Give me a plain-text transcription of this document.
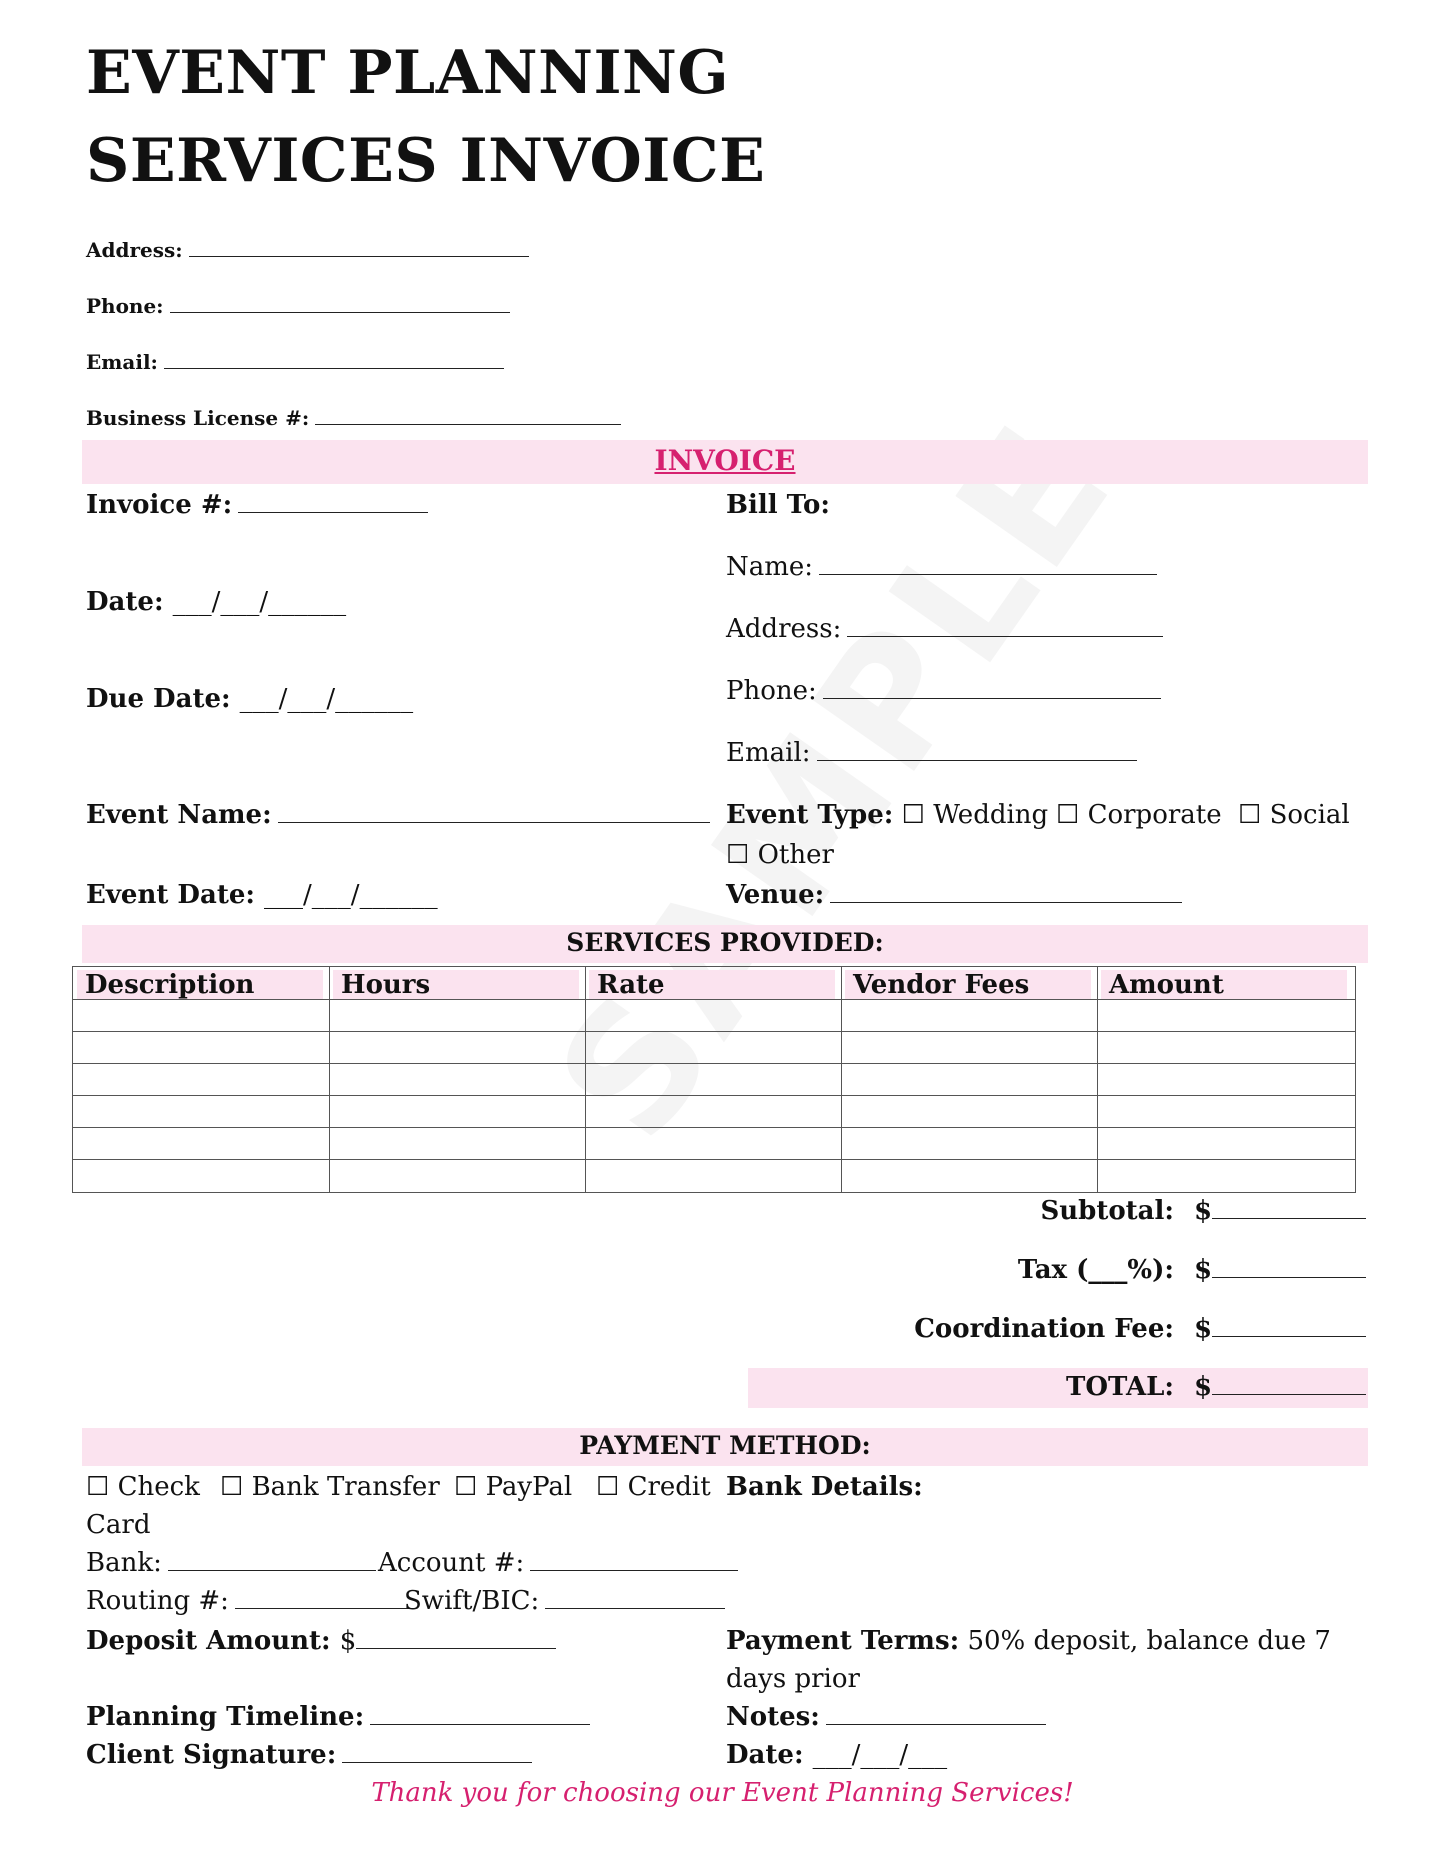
EVENT PLANNING
SERVICES INVOICE
Address:
Phone:
Email:
Business License #:
INVOICE
Invoice #:
Date: ___/___/______
Due Date: ___/___/______
Event Name:
Event Date: ___/___/______
Bill To:
Name:
Address:
Phone:
Email:
Event Type: ☐ Wedding ☐ Corporate ☐ Social
☐ Other
Venue:
SERVICES PROVIDED:
Description	Hours	Rate	Vendor Fees	Amount
Subtotal: $
Tax (___%): $
Coordination Fee: $
TOTAL: $
PAYMENT METHOD:
☐ Check ☐ Bank Transfer ☐ PayPal ☐ Credit
Card
Bank Details:
Bank:	Account #:
Routing #:	Swift/BIC:
Deposit Amount: $	Payment Terms: 50% deposit, balance due 7
days prior
Planning Timeline:	Notes:
Client Signature:	Date: ___/___/___
Thank you for choosing our Event Planning Services!
